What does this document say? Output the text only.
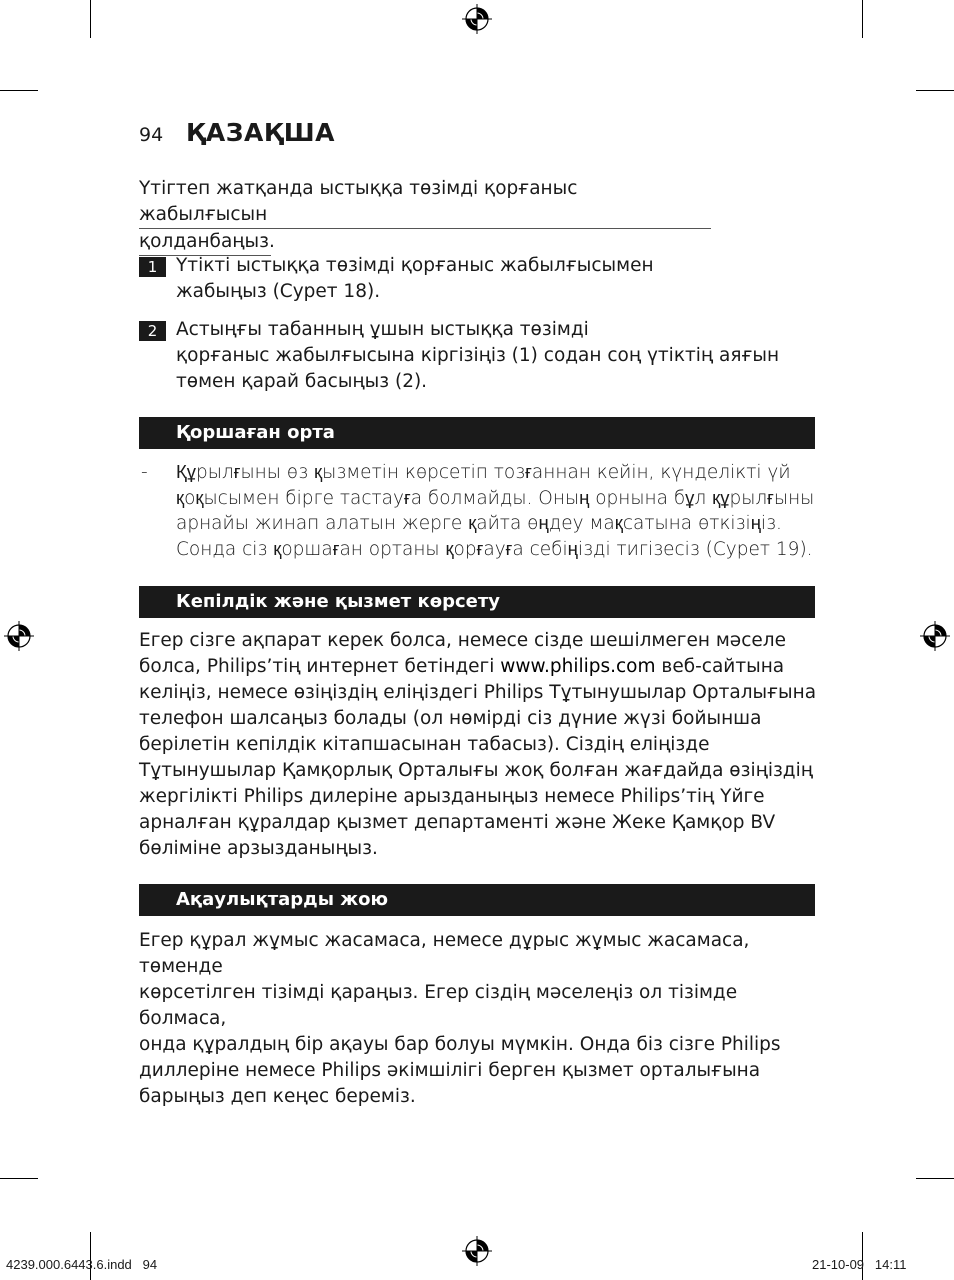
94 ҚАЗАҚША
Үтігтеп жатқанда ыстыққа төзімді қорғаныс жабылғысын
қолданбаңыз.
1	Үтікті ыстыққа төзімді қорғаныс жабылғысымен
жабыңыз (Сурет 18).
2	Астыңғы табанның ұшын ыстыққа төзімді
қорғаныс жабылғысына кіргізіңіз (1) содан соң үтіктің аяғын
төмен қарай басыңыз (2).
Қоршаған орта
- Құрылғыны өз қызметін көрсетіп тозғаннан кейін, күнделікті үй
қоқысымен бірге тастауға болмайды. Оның орнына бұл құрылғыны
арнайы жинап алатын жерге қайта өңдеу мақсатына өткізіңіз.
Сонда сіз қоршаған ортаны қорғауға себіңізді тигізесіз (Сурет 19).
Кепілдік және қызмет көрсету
Егер сізге ақпарат керек болса, немесе сізде шешілмеген мәселе
болса, Philips’тің интернет бетіндегі www.philips.com веб-сайтына
келіңіз, немесе өзіңіздің еліңіздегі Philips Тұтынушылар Орталығына
телефон шалсаңыз болады (ол нөмірді сіз дүние жүзі бойынша
берілетін кепілдік кітапшасынан табасыз). Сіздің еліңізде
Тұтынушылар Қамқорлық Орталығы жоқ болған жағдайда өзіңіздің
жергілікті Philips дилеріне арызданыңыз немесе Philips’тің Үйге
арналған құралдар қызмет департаменті және Жеке Қамқор BV
бөліміне арзызданыңыз.
Ақаулықтарды жою
Егер құрал жұмыс жасамаса, немесе дұрыс жұмыс жасамаса, төменде
көрсетілген тізімді қараңыз. Егер сіздің мәселеңіз ол тізімде болмаса,
онда құралдың бір ақауы бар болуы мүмкін. Онда біз сізге Philips
диллеріне немесе Philips әкімшілігі берген қызмет орталығына
барыңыз деп кеңес береміз.
4239.000.6443.6.indd   94	21-10-09   14:11
